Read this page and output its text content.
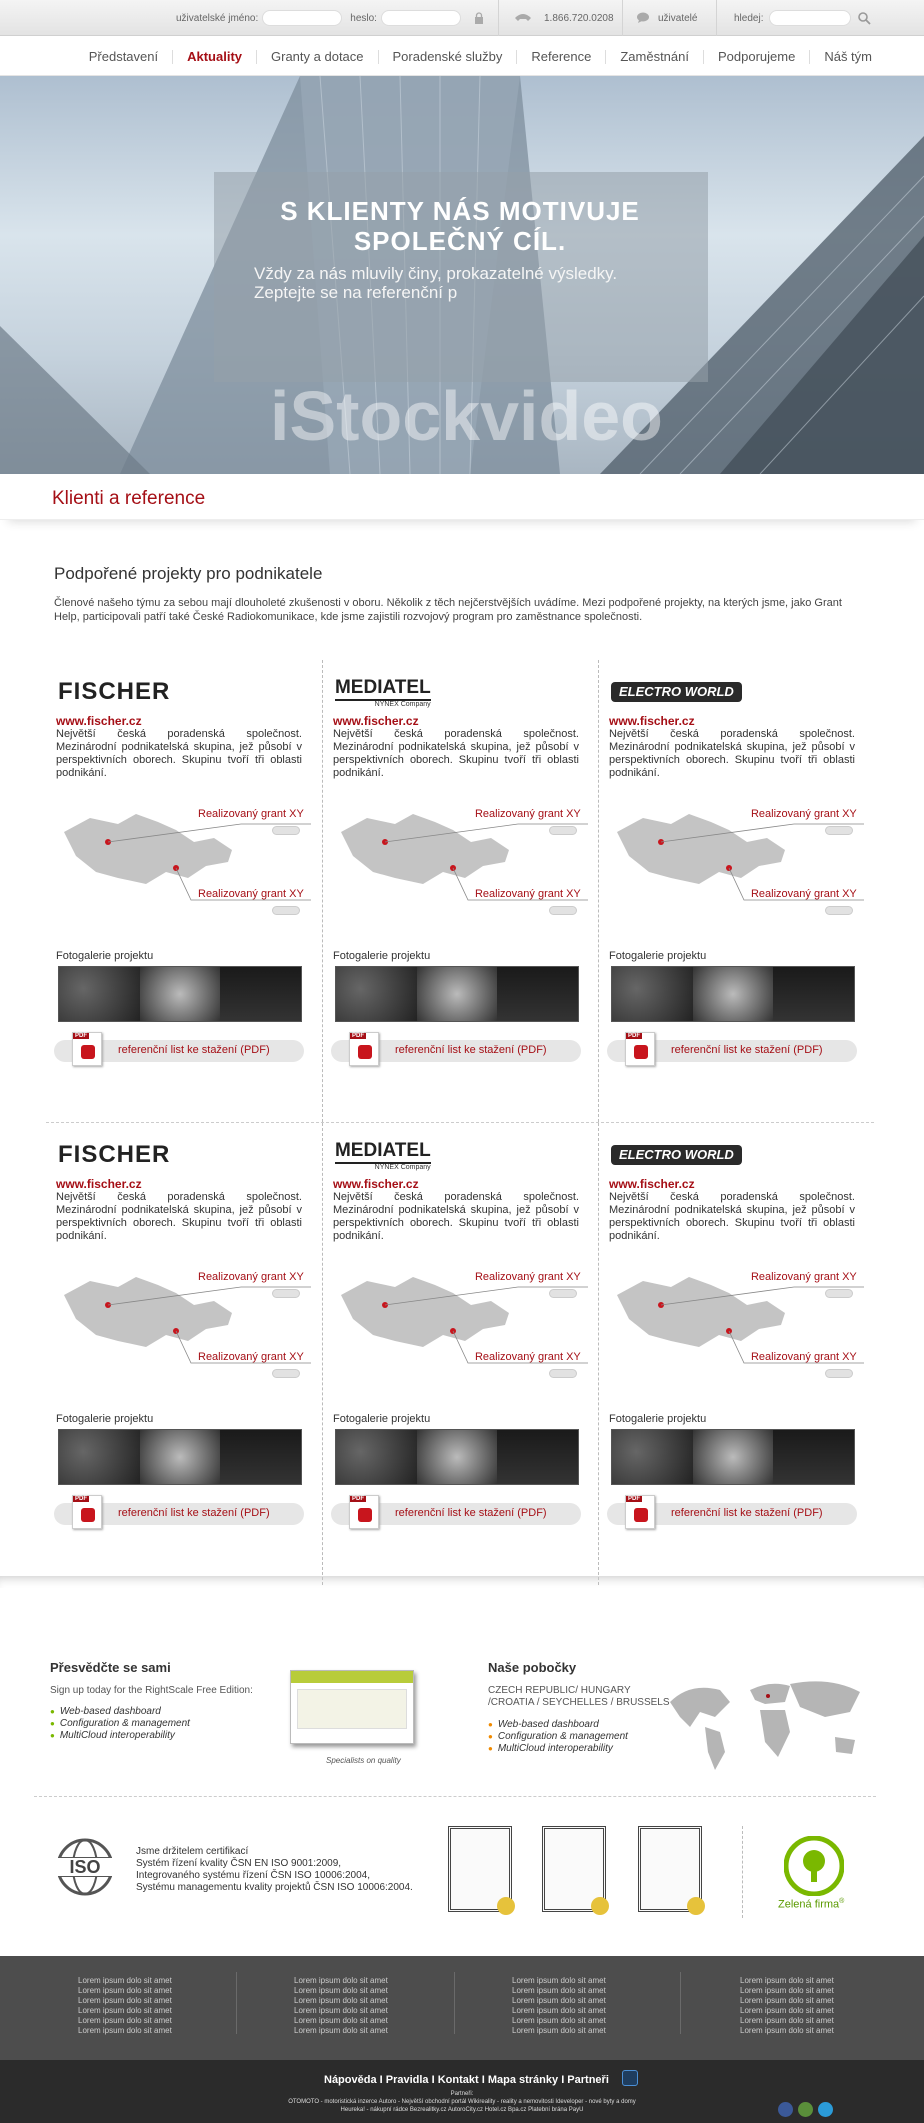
uživatelské jméno:	heslo:	1.866.720.0208	uživatelé	hledej:
Představení	Aktuality	Granty a dotace	Poradenské služby	Reference	Zaměstnání	Podporujeme	Náš tým
S KLIENTY NÁS MOTIVUJE
SPOLEČNÝ CÍL.

Vždy za nás mluvily činy, prokazatelné výsledky.
Zeptejte se na referenční p

iStockvideo
Klienti a reference
Podpořené projekty pro podnikatele

Členové našeho týmu za sebou mají dlouholeté zkušenosti v oboru. Několik z těch nejčerstvějších uvádíme. Mezi podpořené projekty, na kterých jsme, jako Grant Help, participovali patří také České Radiokomunikace, kde jsme zajistili rozvojový program pro zaměstnance společnosti.

FISCHER
www.fischer.cz
Největší česká poradenská společnost. Mezinárodní podnikatelská skupina, jež působí v perspektivních oborech. Skupinu tvoří tři oblasti podnikání.
Realizovaný grant XY
Realizovaný grant XY
Fotogalerie projektu
PDF
referenční list ke stažení (PDF)
MEDIATEL
NYNEX Company
www.fischer.cz
Největší česká poradenská společnost. Mezinárodní podnikatelská skupina, jež působí v perspektivních oborech. Skupinu tvoří tři oblasti podnikání.
Realizovaný grant XY
Realizovaný grant XY
Fotogalerie projektu
PDF
referenční list ke stažení (PDF)
ELECTRO WORLD
www.fischer.cz
Největší česká poradenská společnost. Mezinárodní podnikatelská skupina, jež působí v perspektivních oborech. Skupinu tvoří tři oblasti podnikání.
Realizovaný grant XY
Realizovaný grant XY
Fotogalerie projektu
PDF
referenční list ke stažení (PDF)
FISCHER
www.fischer.cz
Největší česká poradenská společnost. Mezinárodní podnikatelská skupina, jež působí v perspektivních oborech. Skupinu tvoří tři oblasti podnikání.
Realizovaný grant XY
Realizovaný grant XY
Fotogalerie projektu
PDF
referenční list ke stažení (PDF)
MEDIATEL
NYNEX Company
www.fischer.cz
Největší česká poradenská společnost. Mezinárodní podnikatelská skupina, jež působí v perspektivních oborech. Skupinu tvoří tři oblasti podnikání.
Realizovaný grant XY
Realizovaný grant XY
Fotogalerie projektu
PDF
referenční list ke stažení (PDF)
ELECTRO WORLD
www.fischer.cz
Největší česká poradenská společnost. Mezinárodní podnikatelská skupina, jež působí v perspektivních oborech. Skupinu tvoří tři oblasti podnikání.
Realizovaný grant XY
Realizovaný grant XY
Fotogalerie projektu
PDF
referenční list ke stažení (PDF)
Přesvědčte se sami
Sign up today for the RightScale Free Edition:
● Web-based dashboard
● Configuration & management
● MultiCloud interoperability
Specialists on quality
Naše pobočky
CZECH REPUBLIC/ HUNGARY
/CROATIA / SEYCHELLES / BRUSSELS
● Web-based dashboard
● Configuration & management
● MultiCloud interoperability
ISO
Jsme držitelem certifikací
Systém řízení kvality ČSN EN ISO 9001:2009,
Integrovaného systému řízení ČSN ISO 10006:2004,
Systému managementu kvality projektů ČSN ISO 10006:2004.
Zelená firma®
Lorem ipsum dolo sit amet
Lorem ipsum dolo sit amet
Lorem ipsum dolo sit amet
Lorem ipsum dolo sit amet
Lorem ipsum dolo sit amet
Lorem ipsum dolo sit amet
Lorem ipsum dolo sit amet
Lorem ipsum dolo sit amet
Lorem ipsum dolo sit amet
Lorem ipsum dolo sit amet
Lorem ipsum dolo sit amet
Lorem ipsum dolo sit amet
Lorem ipsum dolo sit amet
Lorem ipsum dolo sit amet
Lorem ipsum dolo sit amet
Lorem ipsum dolo sit amet
Lorem ipsum dolo sit amet
Lorem ipsum dolo sit amet
Lorem ipsum dolo sit amet
Lorem ipsum dolo sit amet
Lorem ipsum dolo sit amet
Lorem ipsum dolo sit amet
Lorem ipsum dolo sit amet
Lorem ipsum dolo sit amet
Nápověda I Pravidla I Kontakt I Mapa stránky I Partneři
Partneři:
OTOMOTO - motoristická inzerce Autoro - Největší obchodní portál Wikireality - reality a nemovitosti Ideveloper - nové byty a domy
Heureka! - nákupní rádce Bezrealitky.cz AutoroCity.cz Hotel.cz Bpa.cz Platební brána PayU
